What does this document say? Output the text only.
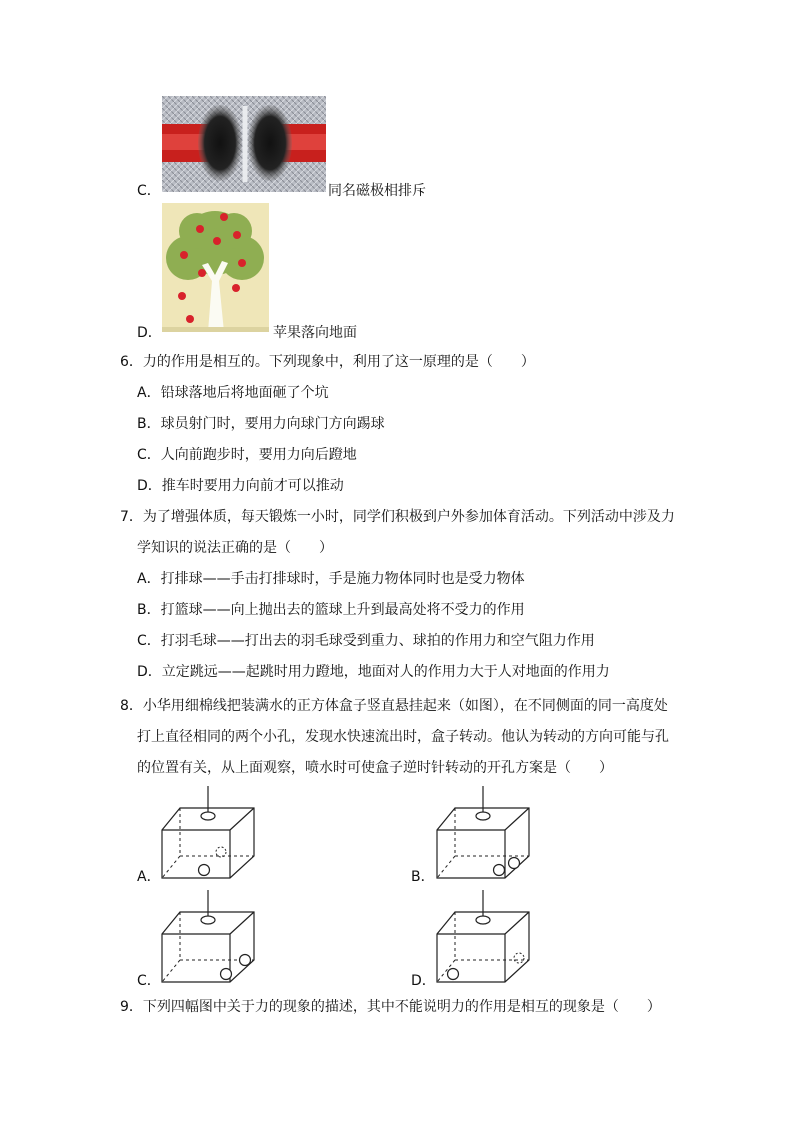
C．	同名磁极相排斥
D．	苹果落向地面
6．力的作用是相互的。下列现象中，利用了这一原理的是（　　）
A．铅球落地后将地面砸了个坑
B．球员射门时，要用力向球门方向踢球
C．人向前跑步时，要用力向后蹬地
D．推车时要用力向前才可以推动
7．为了增强体质，每天锻炼一小时，同学们积极到户外参加体育活动。下列活动中涉及力
学知识的说法正确的是（　　）
A．打排球——手击打排球时，手是施力物体同时也是受力物体
B．打篮球——向上抛出去的篮球上升到最高处将不受力的作用
C．打羽毛球——打出去的羽毛球受到重力、球拍的作用力和空气阻力作用
D．立定跳远——起跳时用力蹬地，地面对人的作用力大于人对地面的作用力
8．小华用细棉线把装满水的正方体盒子竖直悬挂起来（如图），在不同侧面的同一高度处
打上直径相同的两个小孔，发现水快速流出时，盒子转动。他认为转动的方向可能与孔
的位置有关，从上面观察，喷水时可使盒子逆时针转动的开孔方案是（　　）
A．	B．
C．	D．
9．下列四幅图中关于力的现象的描述，其中不能说明力的作用是相互的现象是（　　）
